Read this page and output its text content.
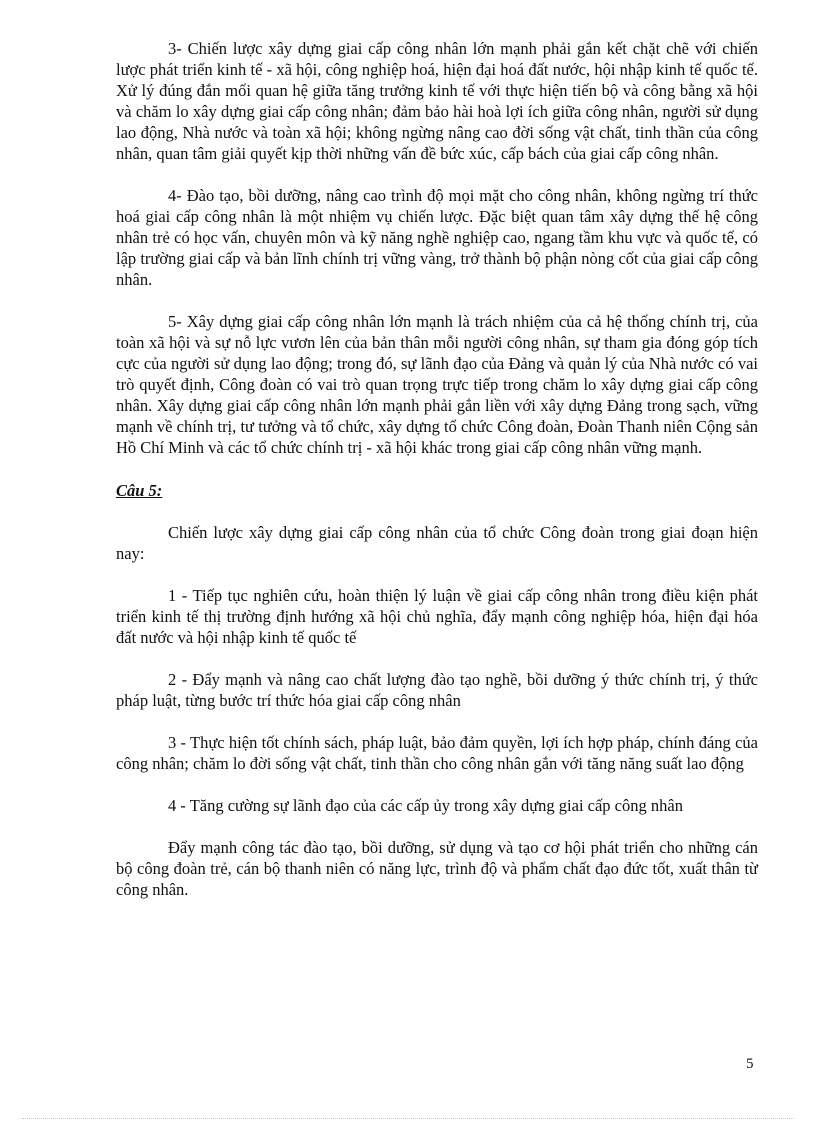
3- Chiến lược xây dựng giai cấp công nhân lớn mạnh phải gắn kết chặt chẽ với chiến lược phát triển kinh tế - xã hội, công nghiệp hoá, hiện đại hoá đất nước, hội nhập kinh tế quốc tế. Xử lý đúng đắn mối quan hệ giữa tăng trưởng kinh tế với thực hiện tiến bộ và công bằng xã hội và chăm lo xây dựng giai cấp công nhân; đảm bảo hài hoà lợi ích giữa công nhân, người sử dụng lao động, Nhà nước và toàn xã hội; không ngừng nâng cao đời sống vật chất, tinh thần của công nhân, quan tâm giải quyết kịp thời những vấn đề bức xúc, cấp bách của giai cấp công nhân.

4- Đào tạo, bồi dưỡng, nâng cao trình độ mọi mặt cho công nhân, không ngừng trí thức hoá giai cấp công nhân là một nhiệm vụ chiến lược. Đặc biệt quan tâm xây dựng thế hệ công nhân trẻ có học vấn, chuyên môn và kỹ năng nghề nghiệp cao, ngang tầm khu vực và quốc tế, có lập trường giai cấp và bản lĩnh chính trị vững vàng, trở thành bộ phận nòng cốt của giai cấp công nhân.

5- Xây dựng giai cấp công nhân lớn mạnh là trách nhiệm của cả hệ thống chính trị, của toàn xã hội và sự nỗ lực vươn lên của bản thân mỗi người công nhân, sự tham gia đóng góp tích cực của người sử dụng lao động; trong đó, sự lãnh đạo của Đảng và quản lý của Nhà nước có vai trò quyết định, Công đoàn có vai trò quan trọng trực tiếp trong chăm lo xây dựng giai cấp công nhân. Xây dựng giai cấp công nhân lớn mạnh phải gắn liền với xây dựng Đảng trong sạch, vững mạnh về chính trị, tư tưởng và tổ chức, xây dựng tổ chức Công đoàn, Đoàn Thanh niên Cộng sản Hồ Chí Minh và các tổ chức chính trị - xã hội khác trong giai cấp công nhân vững mạnh.

Câu 5:

Chiến lược xây dựng giai cấp công nhân của tổ chức Công đoàn trong giai đoạn hiện nay:

1 - Tiếp tục nghiên cứu, hoàn thiện lý luận về giai cấp công nhân trong điều kiện phát triển kinh tế thị trường định hướng xã hội chủ nghĩa, đẩy mạnh công nghiệp hóa, hiện đại hóa đất nước và hội nhập kinh tế quốc tế

2 - Đẩy mạnh và nâng cao chất lượng đào tạo nghề, bồi dưỡng ý thức chính trị, ý thức pháp luật, từng bước trí thức hóa giai cấp công nhân

3 - Thực hiện tốt chính sách, pháp luật, bảo đảm quyền, lợi ích hợp pháp, chính đáng của công nhân; chăm lo đời sống vật chất, tinh thần cho công nhân gắn với tăng năng suất lao động

4 - Tăng cường sự lãnh đạo của các cấp ủy trong xây dựng giai cấp công nhân

Đẩy mạnh công tác đào tạo, bồi dưỡng, sử dụng và tạo cơ hội phát triển cho những cán bộ công đoàn trẻ, cán bộ thanh niên có năng lực, trình độ và phẩm chất đạo đức tốt, xuất thân từ công nhân.

5
